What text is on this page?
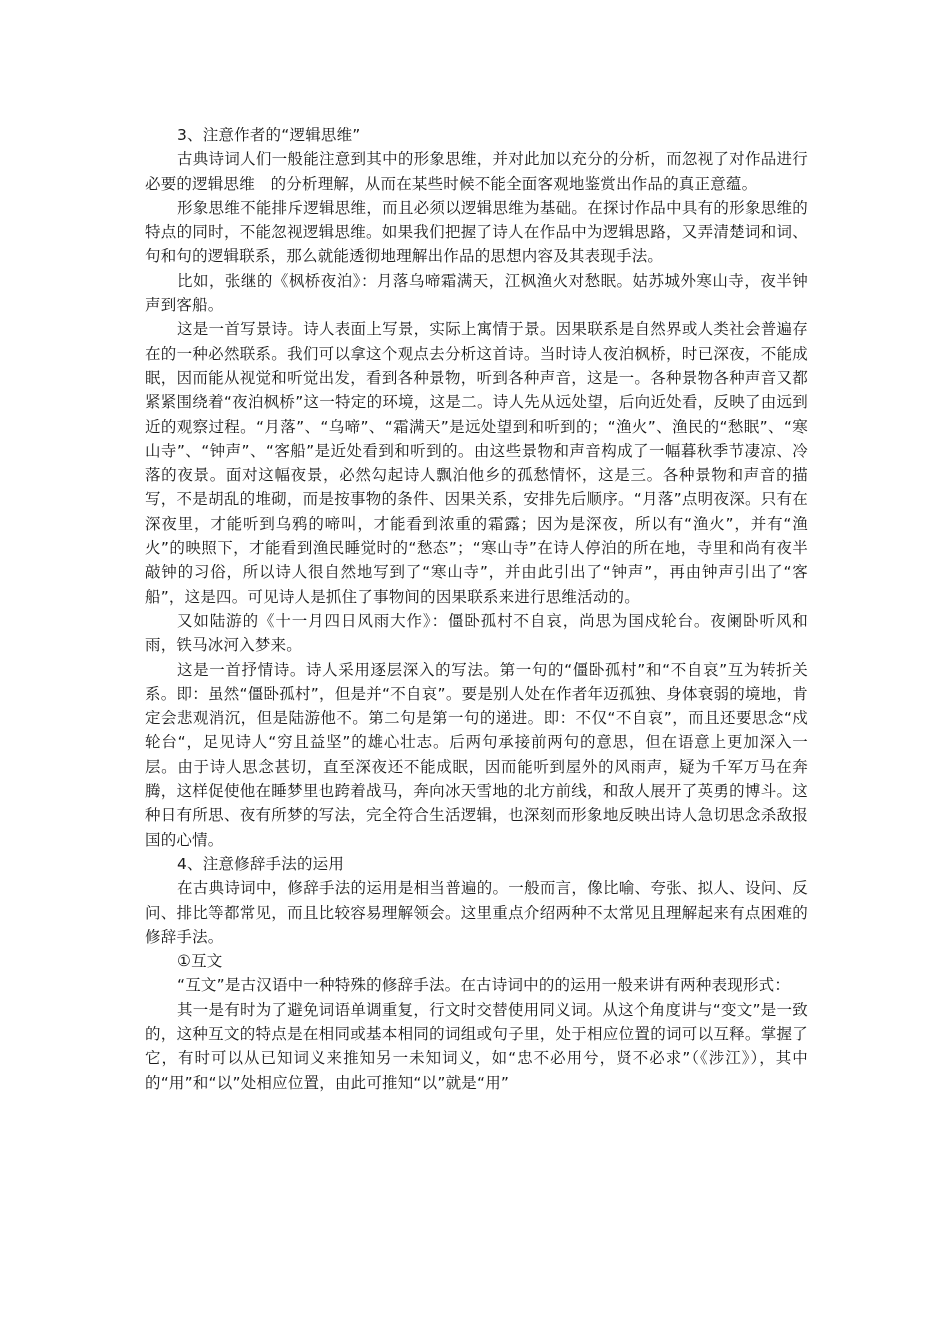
3、注意作者的“逻辑思维”

古典诗词人们一般能注意到其中的形象思维，并对此加以充分的分析，而忽视了对作品进行必要的逻辑思维　的分析理解，从而在某些时候不能全面客观地鉴赏出作品的真正意蕴。

形象思维不能排斥逻辑思维，而且必须以逻辑思维为基础。在探讨作品中具有的形象思维的特点的同时，不能忽视逻辑思维。如果我们把握了诗人在作品中为逻辑思路，又弄清楚词和词、句和句的逻辑联系，那么就能透彻地理解出作品的思想内容及其表现手法。

比如，张继的《枫桥夜泊》：月落乌啼霜满天，江枫渔火对愁眠。姑苏城外寒山寺，夜半钟声到客船。

这是一首写景诗。诗人表面上写景，实际上寓情于景。因果联系是自然界或人类社会普遍存在的一种必然联系。我们可以拿这个观点去分析这首诗。当时诗人夜泊枫桥，时已深夜，不能成眠，因而能从视觉和听觉出发，看到各种景物，听到各种声音，这是一。各种景物各种声音又都紧紧围绕着“夜泊枫桥”这一特定的环境，这是二。诗人先从远处望，后向近处看，反映了由远到近的观察过程。“月落”、“乌啼”、“霜满天”是远处望到和听到的；“渔火”、渔民的“愁眠”、“寒山寺”、“钟声”、“客船”是近处看到和听到的。由这些景物和声音构成了一幅暮秋季节凄凉、冷落的夜景。面对这幅夜景，必然勾起诗人飘泊他乡的孤愁情怀，这是三。各种景物和声音的描写，不是胡乱的堆砌，而是按事物的条件、因果关系，安排先后顺序。“月落”点明夜深。只有在深夜里，才能听到乌鸦的啼叫，才能看到浓重的霜露；因为是深夜，所以有“渔火”，并有“渔火”的映照下，才能看到渔民睡觉时的“愁态”；“寒山寺”在诗人停泊的所在地，寺里和尚有夜半敲钟的习俗，所以诗人很自然地写到了“寒山寺”，并由此引出了“钟声”，再由钟声引出了“客船”，这是四。可见诗人是抓住了事物间的因果联系来进行思维活动的。

又如陆游的《十一月四日风雨大作》：僵卧孤村不自哀，尚思为国戍轮台。夜阑卧听风和雨，铁马冰河入梦来。

这是一首抒情诗。诗人采用逐层深入的写法。第一句的“僵卧孤村”和“不自哀”互为转折关系。即：虽然“僵卧孤村”，但是并“不自哀”。要是别人处在作者年迈孤独、身体衰弱的境地，肯定会悲观消沉，但是陆游他不。第二句是第一句的递进。即：不仅“不自哀”，而且还要思念“戍轮台“，足见诗人“穷且益坚”的雄心壮志。后两句承接前两句的意思，但在语意上更加深入一层。由于诗人思念甚切，直至深夜还不能成眠，因而能听到屋外的风雨声，疑为千军万马在奔腾，这样促使他在睡梦里也跨着战马，奔向冰天雪地的北方前线，和敌人展开了英勇的博斗。这种日有所思、夜有所梦的写法，完全符合生活逻辑，也深刻而形象地反映出诗人急切思念杀敌报国的心情。

4、注意修辞手法的运用

在古典诗词中，修辞手法的运用是相当普遍的。一般而言，像比喻、夸张、拟人、设问、反问、排比等都常见，而且比较容易理解领会。这里重点介绍两种不太常见且理解起来有点困难的修辞手法。

①互文

“互文”是古汉语中一种特殊的修辞手法。在古诗词中的的运用一般来讲有两种表现形式：

其一是有时为了避免词语单调重复，行文时交替使用同义词。从这个角度讲与“变文”是一致的，这种互文的特点是在相同或基本相同的词组或句子里，处于相应位置的词可以互释。掌握了它，有时可以从已知词义来推知另一未知词义，如“忠不必用兮，贤不必求”（《涉江》），其中的“用”和“以”处相应位置，由此可推知“以”就是“用”
